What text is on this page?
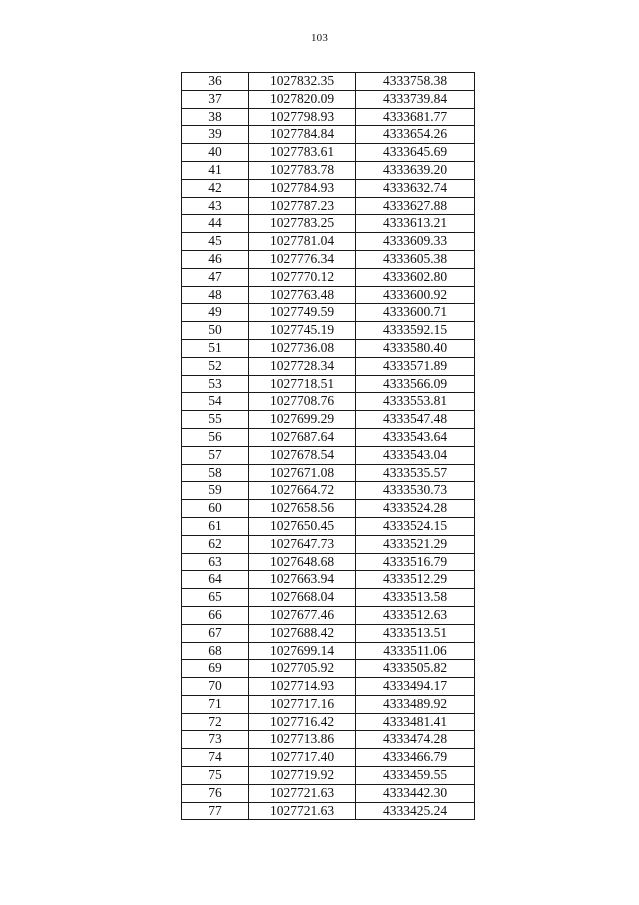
103
36	1027832.35	4333758.38
37	1027820.09	4333739.84
38	1027798.93	4333681.77
39	1027784.84	4333654.26
40	1027783.61	4333645.69
41	1027783.78	4333639.20
42	1027784.93	4333632.74
43	1027787.23	4333627.88
44	1027783.25	4333613.21
45	1027781.04	4333609.33
46	1027776.34	4333605.38
47	1027770.12	4333602.80
48	1027763.48	4333600.92
49	1027749.59	4333600.71
50	1027745.19	4333592.15
51	1027736.08	4333580.40
52	1027728.34	4333571.89
53	1027718.51	4333566.09
54	1027708.76	4333553.81
55	1027699.29	4333547.48
56	1027687.64	4333543.64
57	1027678.54	4333543.04
58	1027671.08	4333535.57
59	1027664.72	4333530.73
60	1027658.56	4333524.28
61	1027650.45	4333524.15
62	1027647.73	4333521.29
63	1027648.68	4333516.79
64	1027663.94	4333512.29
65	1027668.04	4333513.58
66	1027677.46	4333512.63
67	1027688.42	4333513.51
68	1027699.14	4333511.06
69	1027705.92	4333505.82
70	1027714.93	4333494.17
71	1027717.16	4333489.92
72	1027716.42	4333481.41
73	1027713.86	4333474.28
74	1027717.40	4333466.79
75	1027719.92	4333459.55
76	1027721.63	4333442.30
77	1027721.63	4333425.24
